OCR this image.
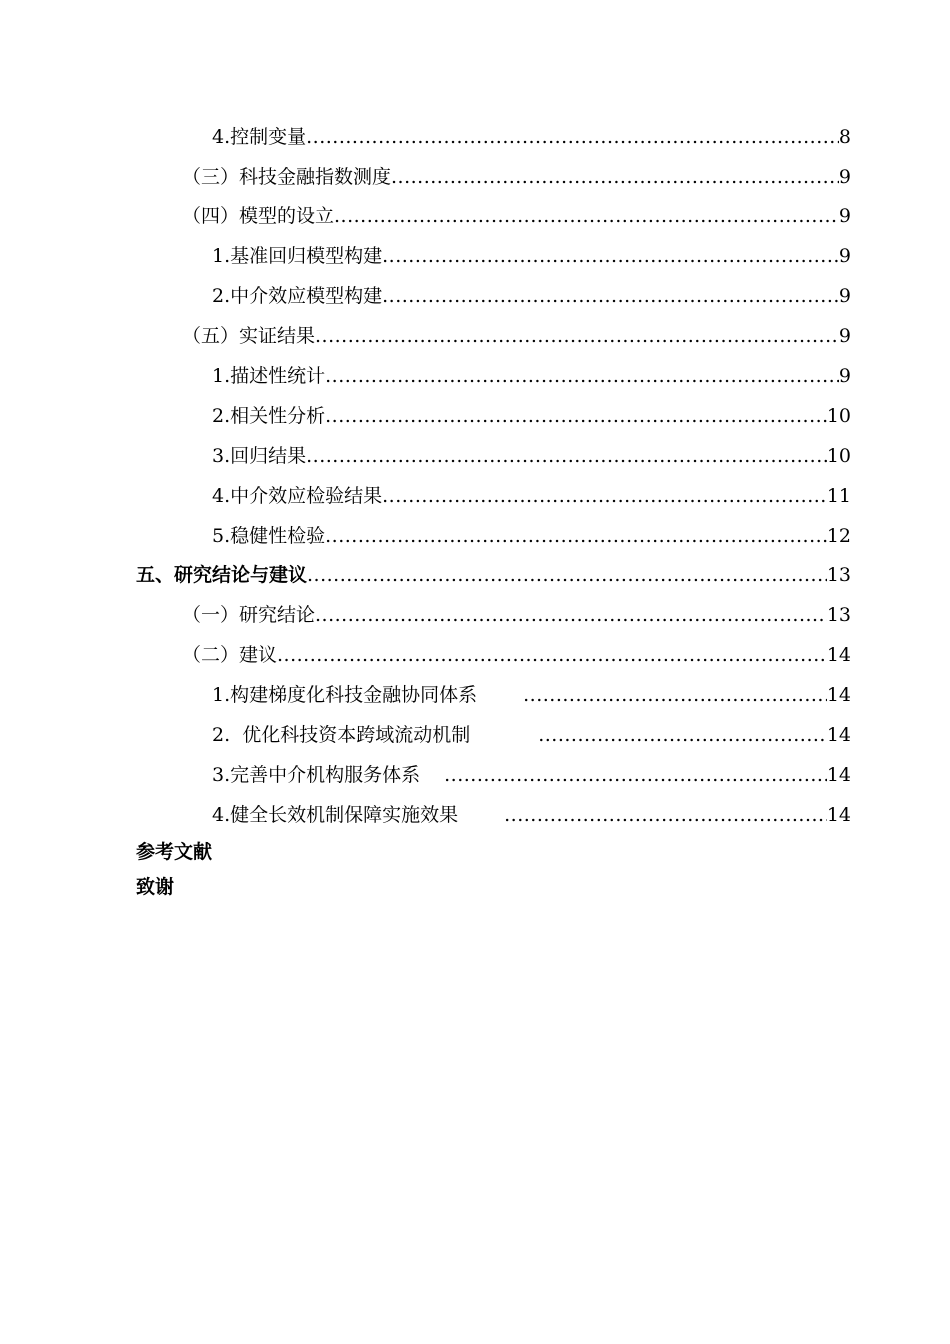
4.控制变量 .....	8
（三）科技金融指数测度 .....	9
（四）模型的设立 .....	9
1.基准回归模型构建 .....	9
2.中介效应模型构建 .....	9
（五）实证结果 .....	9
1.描述性统计 .....	9
2.相关性分析 .....	10
3.回归结果 .....	10
4.中介效应检验结果 .....	11
5.稳健性检验 .....	12
五、研究结论与建议 .....	13
（一）研究结论 .....	13
（二）建议 .....	14
1.构建梯度化科技金融协同体系 .....	14
2.  优化科技资本跨域流动机制 .....	14
3.完善中介机构服务体系 .....	14
4.健全长效机制保障实施效果 .....	14
参考文献
致谢
